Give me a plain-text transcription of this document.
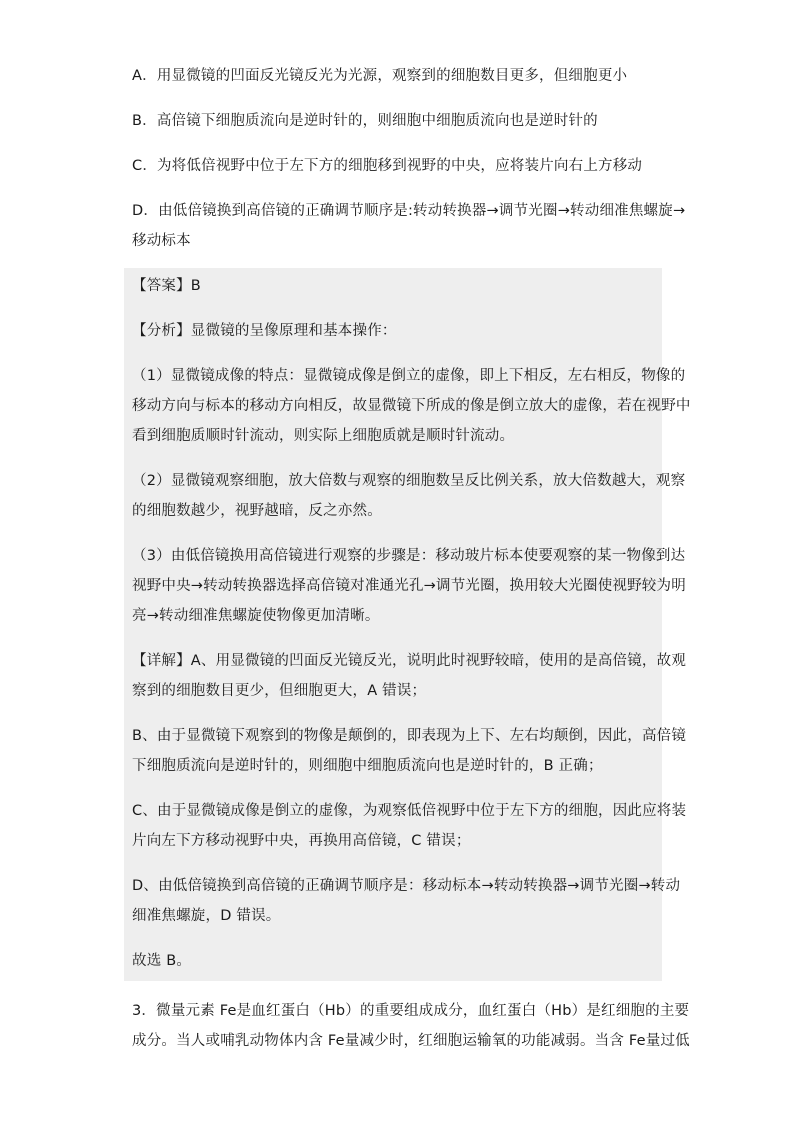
A．用显微镜的凹面反光镜反光为光源，观察到的细胞数目更多，但细胞更小
B．高倍镜下细胞质流向是逆时针的，则细胞中细胞质流向也是逆时针的
C．为将低倍视野中位于左下方的细胞移到视野的中央，应将装片向右上方移动
D．由低倍镜换到高倍镜的正确调节顺序是:转动转换器→调节光圈→转动细准焦螺旋→
移动标本
【答案】B
【分析】显微镜的呈像原理和基本操作：
（1）显微镜成像的特点：显微镜成像是倒立的虚像，即上下相反，左右相反，物像的
移动方向与标本的移动方向相反，故显微镜下所成的像是倒立放大的虚像，若在视野中
看到细胞质顺时针流动，则实际上细胞质就是顺时针流动。
（2）显微镜观察细胞，放大倍数与观察的细胞数呈反比例关系，放大倍数越大，观察
的细胞数越少，视野越暗，反之亦然。
（3）由低倍镜换用高倍镜进行观察的步骤是：移动玻片标本使要观察的某一物像到达
视野中央→转动转换器选择高倍镜对准通光孔→调节光圈，换用较大光圈使视野较为明
亮→转动细准焦螺旋使物像更加清晰。
【详解】A、用显微镜的凹面反光镜反光，说明此时视野较暗，使用的是高倍镜，故观
察到的细胞数目更少，但细胞更大，A 错误；
B、由于显微镜下观察到的物像是颠倒的，即表现为上下、左右均颠倒，因此，高倍镜
下细胞质流向是逆时针的，则细胞中细胞质流向也是逆时针的，B 正确；
C、由于显微镜成像是倒立的虚像，为观察低倍视野中位于左下方的细胞，因此应将装
片向左下方移动视野中央，再换用高倍镜，C 错误；
D、由低倍镜换到高倍镜的正确调节顺序是：移动标本→转动转换器→调节光圈→转动
细准焦螺旋，D 错误。
故选 B。
3．微量元素 Fe是血红蛋白（Hb）的重要组成成分，血红蛋白（Hb）是红细胞的主要
成分。当人或哺乳动物体内含 Fe量减少时，红细胞运输氧的功能减弱。当含 Fe量过低
